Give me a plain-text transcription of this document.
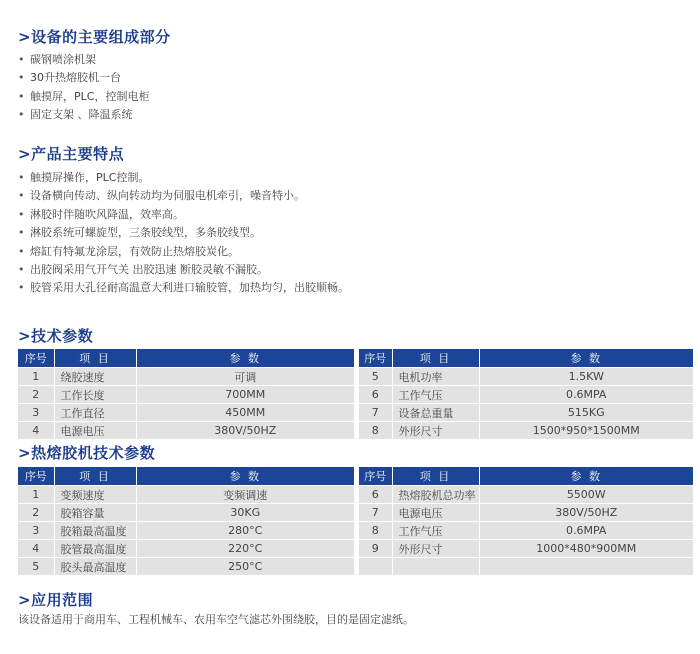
>设备的主要组成部分
• 碳钢喷涂机架
• 30升热熔胶机一台
• 触摸屏，PLC，控制电柜
• 固定支架 、降温系统
>产品主要特点
• 触摸屏操作，PLC控制。
• 设备横向传动、纵向转动均为伺服电机牵引，噪音特小。
• 淋胶时伴随吹风降温，效率高。
• 淋胶系统可螺旋型，三条胶线型，多条胶线型。
• 熔缸有特氟龙涂层，有效防止热熔胶炭化。
• 出胶阀采用气开气关 出胶迅速 断胶灵敏不漏胶。
• 胶管采用大孔径耐高温意大利进口输胶管，加热均匀，出胶顺畅。
>技术参数
序号	项 目	参 数
1	绕胶速度	可调
2	工作长度	700MM
3	工作直径	450MM
4	电源电压	380V/50HZ
序号	项 目	参 数
5	电机功率	1.5KW
6	工作气压	0.6MPA
7	设备总重量	515KG
8	外形尺寸	1500*950*1500MM
>热熔胶机技术参数
序号	项 目	参 数
1	变频速度	变频调速
2	胶箱容量	30KG
3	胶箱最高温度	280°C
4	胶管最高温度	220°C
5	胶头最高温度	250°C
序号	项 目	参 数
6	热熔胶机总功率	5500W
7	电源电压	380V/50HZ
8	工作气压	0.6MPA
9	外形尺寸	1000*480*900MM

>应用范围
该设备适用于商用车、工程机械车、农用车空气滤芯外围绕胶，目的是固定滤纸。
